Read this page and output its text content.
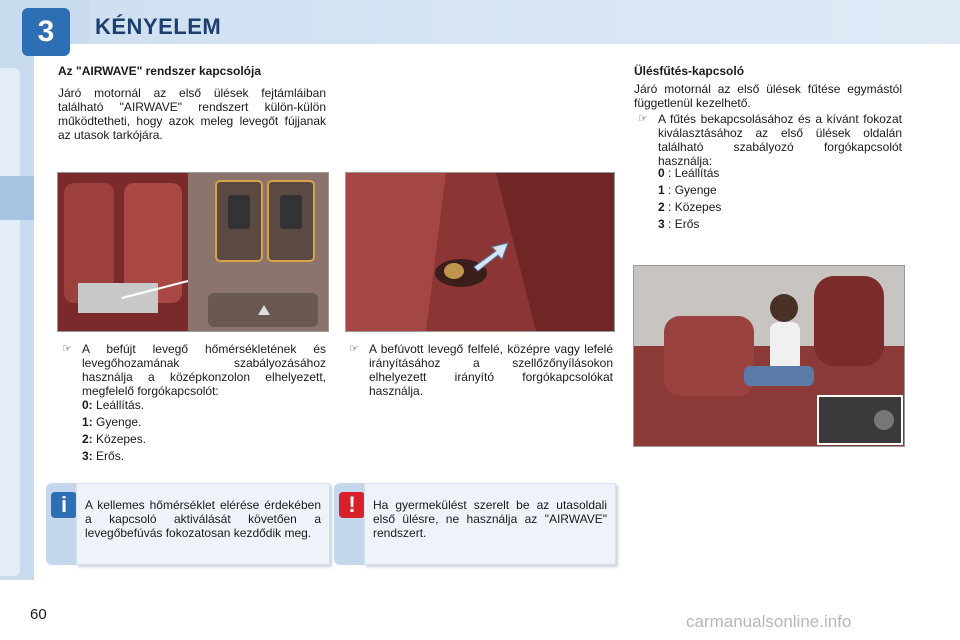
3	KÉNYELEM
Az "AIRWAVE" rendszer kapcsolója
Járó motornál az első ülések fejtámláiban található "AIRWAVE" rendszert külön-külön működtetheti, hogy azok meleg levegőt fújjanak az utasok tarkójára.
☞ A befújt levegő hőmérsékletének és levegőhozamának szabályozásához használja a középkonzolon elhelyezett, megfelelő forgókapcsolót:
0: Leállítás.
1: Gyenge.
2: Közepes.
3: Erős.
i	A kellemes hőmérséklet elérése érdekében a kapcsoló aktiválását követően a levegőbefúvás fokozatosan kezdődik meg.
☞ A befúvott levegő felfelé, középre vagy lefelé irányításához a szellőzőnyílásokon elhelyezett irányító forgókapcsolókat használja.
!	Ha gyermekülést szerelt be az utasoldali első ülésre, ne használja az "AIRWAVE" rendszert.
Ülésfűtés-kapcsoló
Járó motornál az első ülések fűtése egymástól függetlenül kezelhető.
☞ A fűtés bekapcsolásához és a kívánt fokozat kiválasztásához az első ülések oldalán található szabályozó forgókapcsolót használja:
0 : Leállítás
1 : Gyenge
2 : Közepes
3 : Erős
60	carmanualsonline.info
